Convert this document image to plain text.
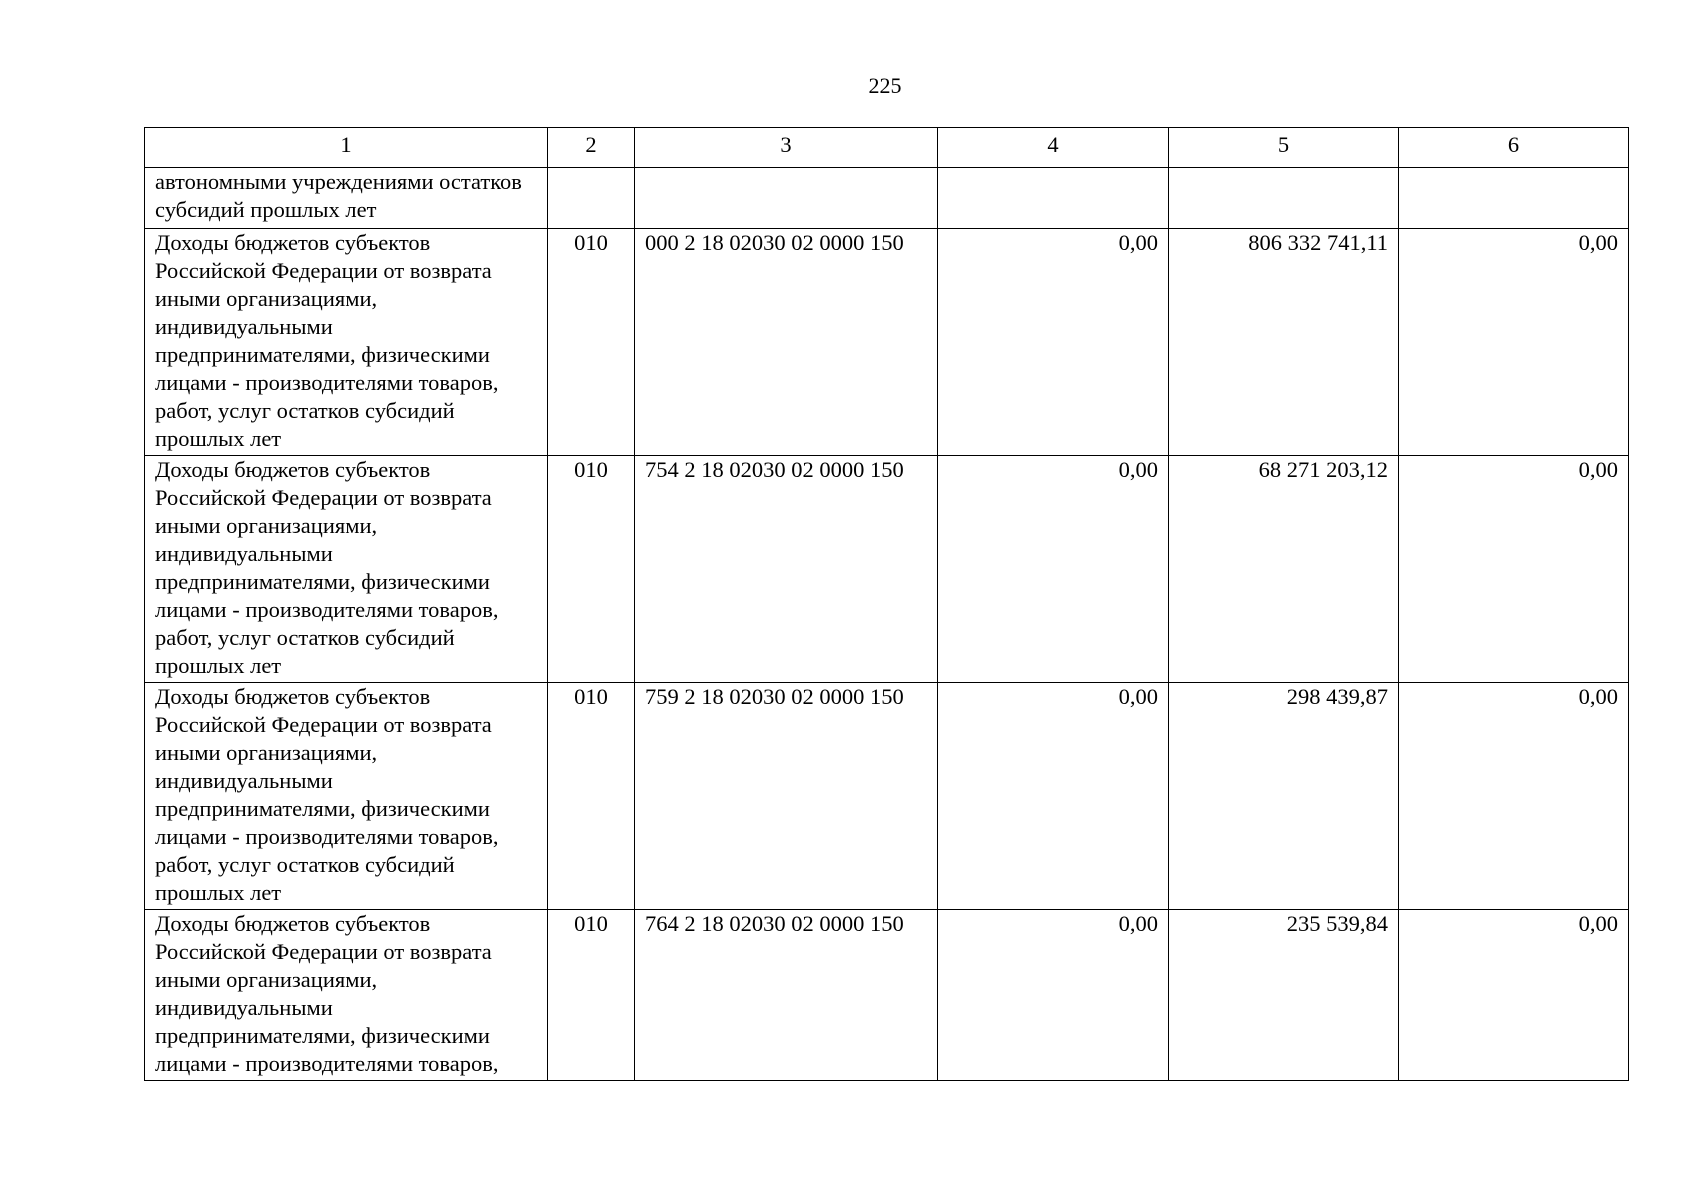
225
1	2	3	4	5	6
автономными учреждениями остатков субсидий прошлых лет					
Доходы бюджетов субъектов Российской Федерации от возврата иными организациями, индивидуальными предпринимателями, физическими лицами - производителями товаров, работ, услуг остатков субсидий прошлых лет	010	000 2 18 02030 02 0000 150	0,00	806 332 741,11	0,00
Доходы бюджетов субъектов Российской Федерации от возврата иными организациями, индивидуальными предпринимателями, физическими лицами - производителями товаров, работ, услуг остатков субсидий прошлых лет	010	754 2 18 02030 02 0000 150	0,00	68 271 203,12	0,00
Доходы бюджетов субъектов Российской Федерации от возврата иными организациями, индивидуальными предпринимателями, физическими лицами - производителями товаров, работ, услуг остатков субсидий прошлых лет	010	759 2 18 02030 02 0000 150	0,00	298 439,87	0,00
Доходы бюджетов субъектов Российской Федерации от возврата иными организациями, индивидуальными предпринимателями, физическими лицами - производителями товаров,	010	764 2 18 02030 02 0000 150	0,00	235 539,84	0,00
